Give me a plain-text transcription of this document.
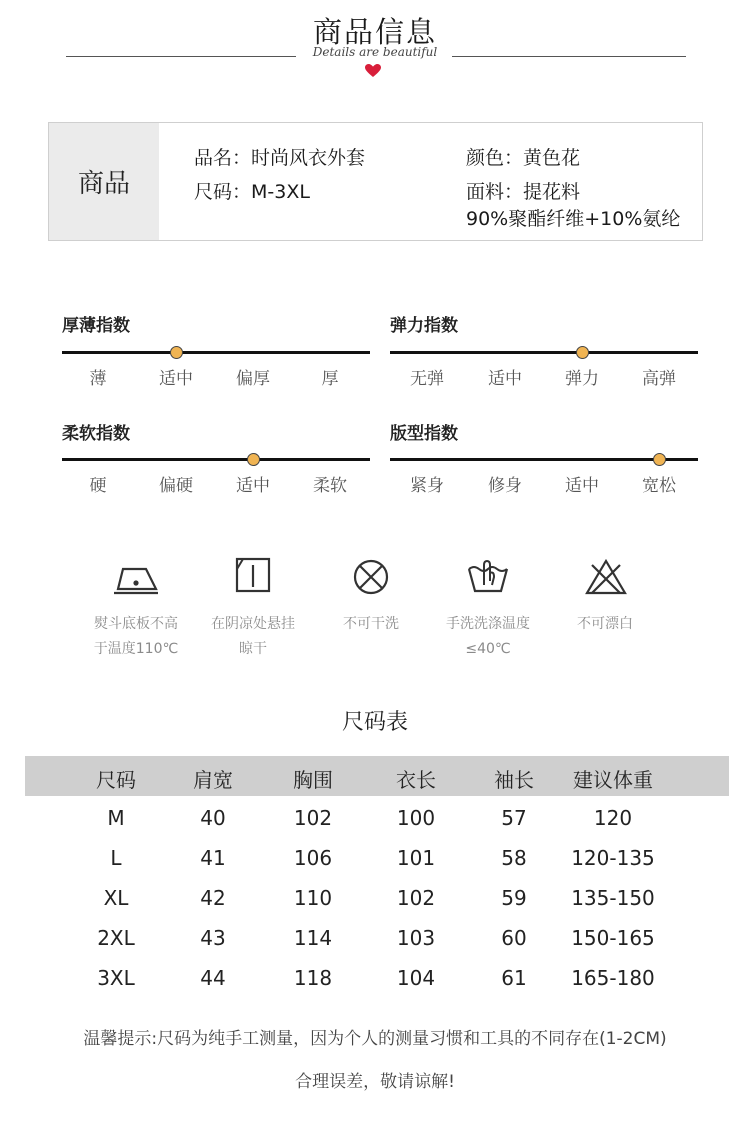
商品信息
Details are beautiful
商品
品名：时尚风衣外套
尺码：M-3XL
颜色：黄色花
面料：提花料
90%聚酯纤维+10%氨纶
厚薄指数
薄	适中	偏厚	厚
弹力指数
无弹	适中	弹力	高弹
柔软指数
硬	偏硬	适中	柔软
版型指数
紧身	修身	适中	宽松
熨斗底板不高
于温度110℃
在阴凉处悬挂
晾干
不可干洗	手洗洗涤温度
≤40℃
不可漂白
尺码表
尺码	肩宽	胸围	衣长	袖长	建议体重
M	40	102	100	57	120
L	41	106	101	58	120-135
XL	42	110	102	59	135-150
2XL	43	114	103	60	150-165
3XL	44	118	104	61	165-180
温馨提示:尺码为纯手工测量，因为个人的测量习惯和工具的不同存在(1-2CM)
合理误差，敬请谅解!
